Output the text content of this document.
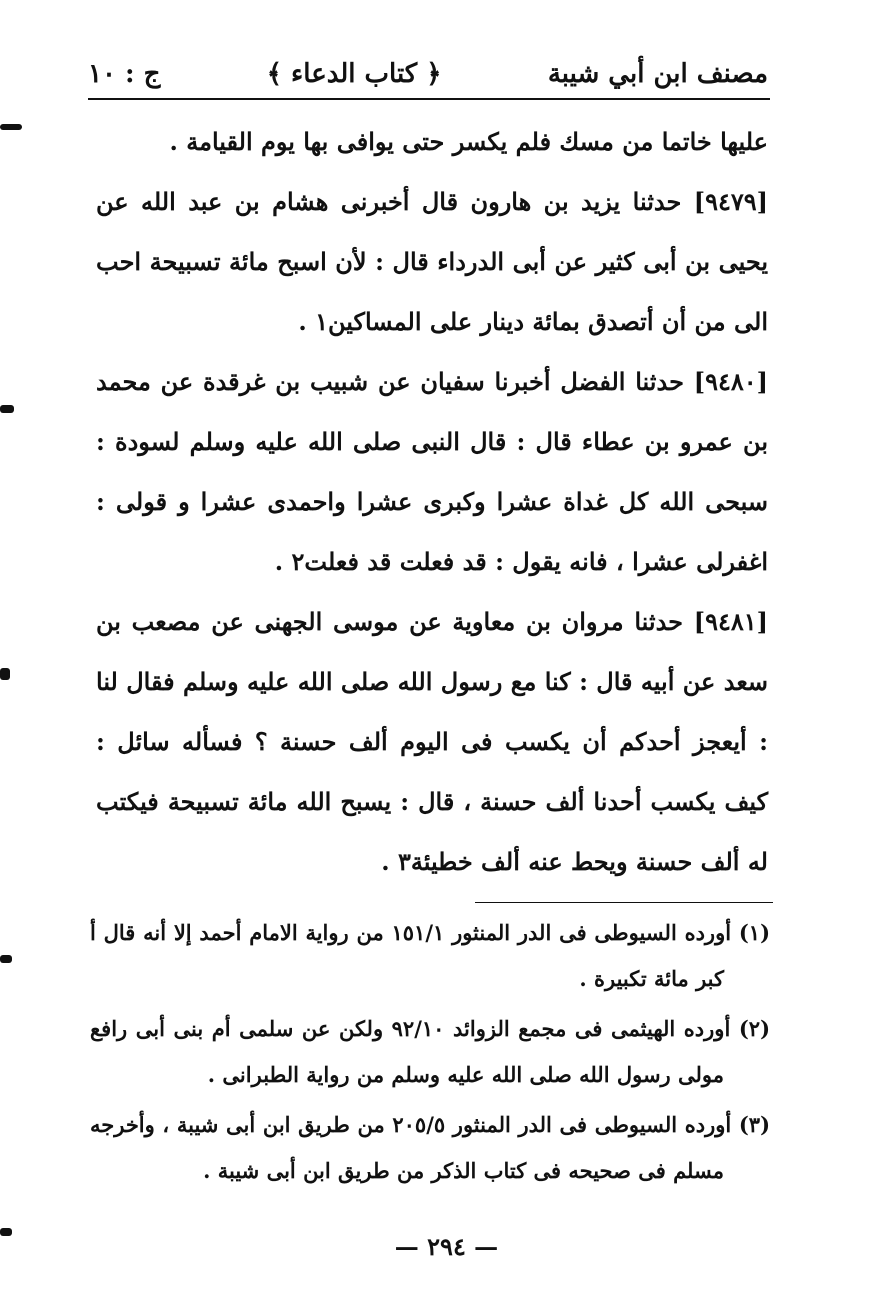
مصنف ابن أبي شيبة
﴿ كتاب الدعاء ﴾
ج : ١٠

عليها خاتما من مسك فلم يكسر حتى يوافى بها يوم القيامة .

[٩٤٧٩] حدثنا يزيد بن هارون قال أخبرنى هشام بن عبد الله عن يحيى بن أبى كثير عن أبى الدرداء قال : لأن اسبح مائة تسبيحة احب الى من أن أتصدق بمائة دينار على المساكين١ .

[٩٤٨٠] حدثنا الفضل أخبرنا سفيان عن شبيب بن غرقدة عن محمد بن عمرو بن عطاء قال : قال النبى صلى الله عليه وسلم لسودة : سبحى الله كل غداة عشرا وكبرى عشرا واحمدى عشرا و قولى : اغفرلى عشرا ، فانه يقول : قد فعلت قد فعلت٢ .

[٩٤٨١] حدثنا مروان بن معاوية عن موسى الجهنى عن مصعب بن سعد عن أبيه قال : كنا مع رسول الله صلى الله عليه وسلم فقال لنا : أيعجز أحدكم أن يكسب فى اليوم ألف حسنة ؟ فسأله سائل : كيف يكسب أحدنا ألف حسنة ، قال : يسبح الله مائة تسبيحة فيكتب له ألف حسنة ويحط عنه ألف خطيئة٣ .

(١) أورده السيوطى فى الدر المنثور ١٥١/١ من رواية الامام أحمد إلا أنه قال أ كبر مائة تكبيرة .

(٢) أورده الهيثمى فى مجمع الزوائد ٩٢/١٠ ولكن عن سلمى أم بنى أبى رافع مولى رسول الله صلى الله عليه وسلم من رواية الطبرانى .

(٣) أورده السيوطى فى الدر المنثور ٢٠٥/٥ من طريق ابن أبى شيبة ، وأخرجه مسلم فى صحيحه فى كتاب الذكر من طريق ابن أبى شيبة .

— ٢٩٤ —
